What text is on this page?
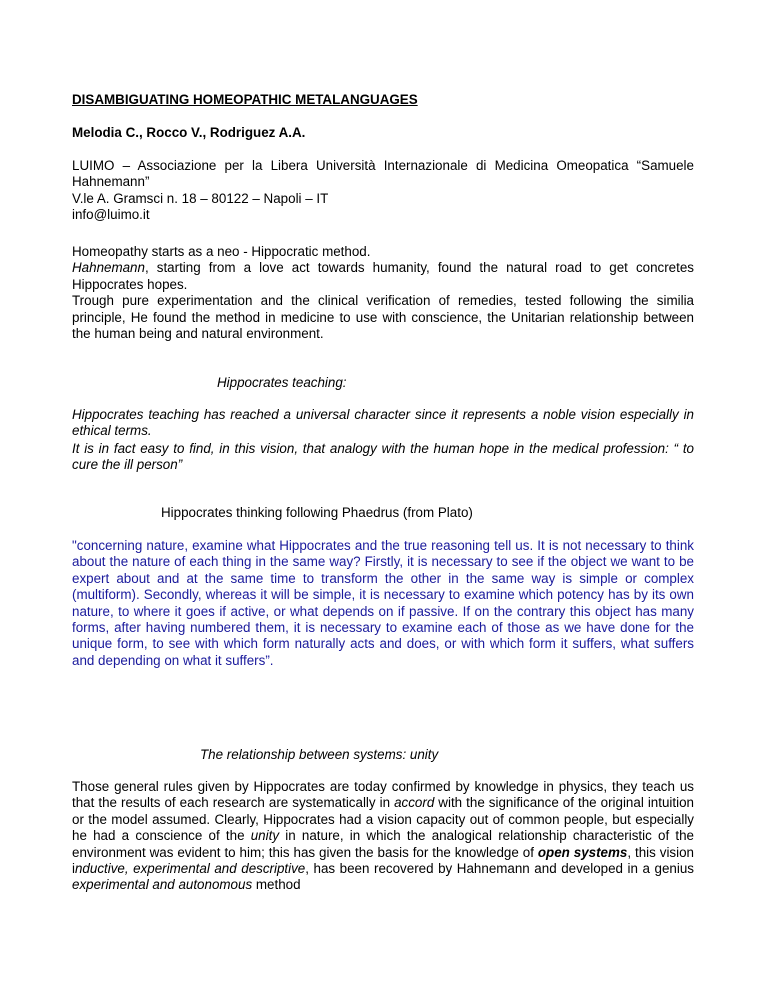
DISAMBIGUATING HOMEOPATHIC METALANGUAGES

Melodia C., Rocco V., Rodriguez A.A.

LUIMO – Associazione per la Libera Università Internazionale di Medicina Omeopatica “Samuele Hahnemann”
V.le A. Gramsci n. 18 – 80122 – Napoli – IT
info@luimo.it
Homeopathy starts as a neo - Hippocratic method.
Hahnemann, starting from a love act towards humanity, found the natural road to get concretes Hippocrates hopes.
Trough pure experimentation and the clinical verification of remedies, tested following the similia principle, He found the method in medicine to use with conscience, the Unitarian relationship between the human being and natural environment.

Hippocrates teaching:

Hippocrates teaching has reached a universal character since it represents a noble vision especially in ethical terms.

It is in fact easy to find, in this vision, that analogy with the human hope in the medical profession: “ to cure the ill person”

Hippocrates thinking following Phaedrus (from Plato)

"concerning nature, examine what Hippocrates and the true reasoning tell us. It is not necessary to think about the nature of each thing in the same way? Firstly, it is necessary to see if the object we want to be expert about and at the same time to transform the other in the same way is simple or complex (multiform). Secondly, whereas it will be simple, it is necessary to examine which potency has by its own nature, to where it goes if active, or what depends on if passive. If on the contrary this object has many forms, after having numbered them, it is necessary to examine each of those as we have done for the unique form, to see with which form naturally acts and does, or with which form it suffers, what suffers and depending on what it suffers”.

The relationship between systems: unity

Those general rules given by Hippocrates are today confirmed by knowledge in physics, they teach us that the results of each research are systematically in accord with the significance of the original intuition or the model assumed. Clearly, Hippocrates had a vision capacity out of common people, but especially he had a conscience of the unity in nature, in which the analogical relationship characteristic of the environment was evident to him; this has given the basis for the knowledge of open systems, this vision inductive, experimental and descriptive, has been recovered by Hahnemann and developed in a genius experimental and autonomous method
